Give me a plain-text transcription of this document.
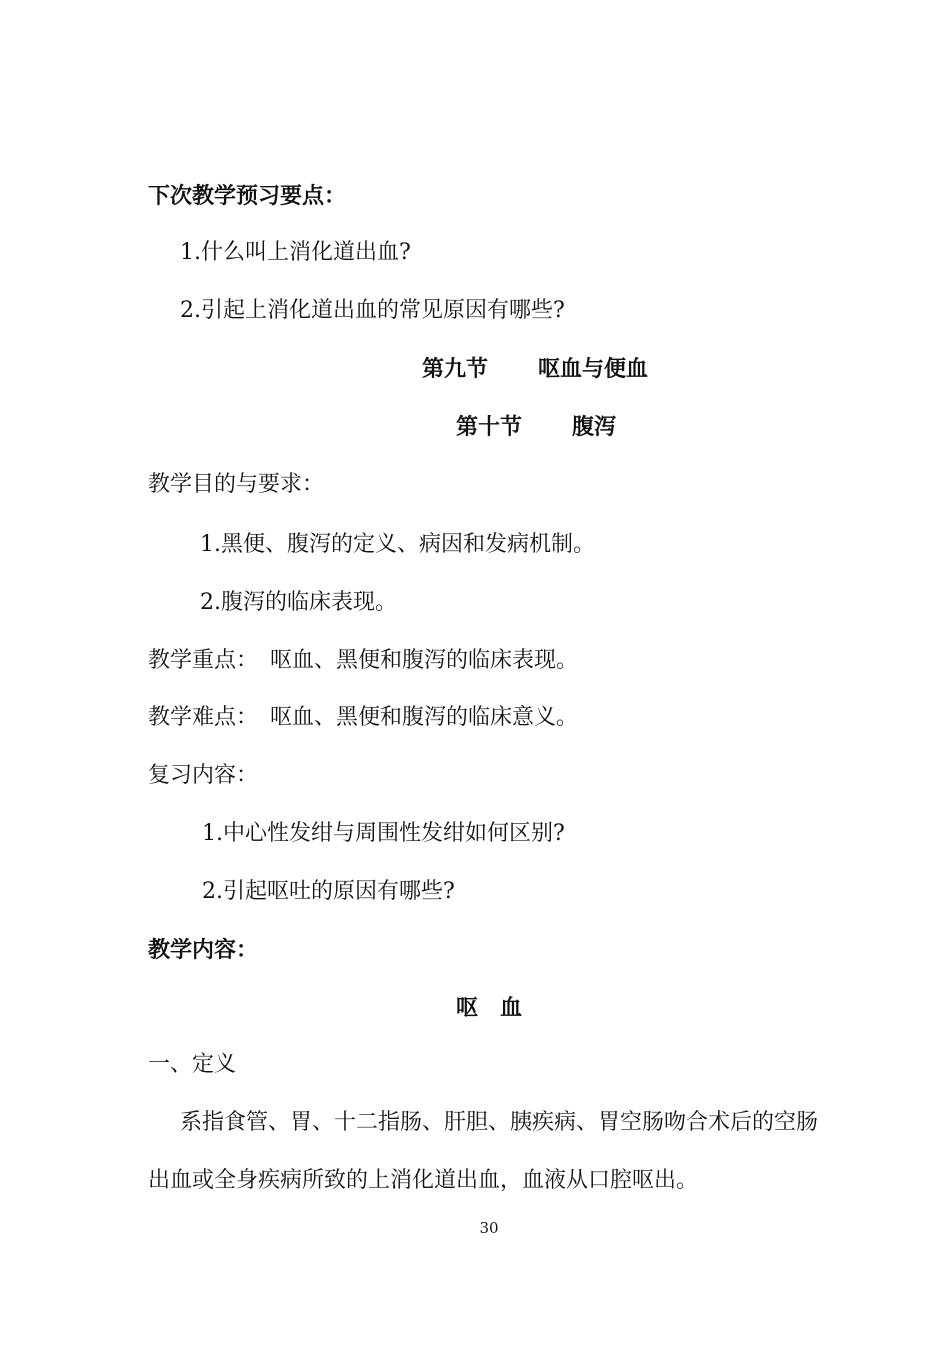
下次教学预习要点：
1.什么叫上消化道出血?
2.引起上消化道出血的常见原因有哪些?
第九节 呕血与便血
第十节 腹泻
教学目的与要求：
1.黑便、腹泻的定义、病因和发病机制。
2.腹泻的临床表现。
教学重点： 呕血、黑便和腹泻的临床表现。
教学难点： 呕血、黑便和腹泻的临床意义。
复习内容：
1.中心性发绀与周围性发绀如何区别?
2.引起呕吐的原因有哪些?
教学内容：
呕　血
一、定义
系指食管、胃、十二指肠、肝胆、胰疾病、胃空肠吻合术后的空肠
出血或全身疾病所致的上消化道出血，血液从口腔呕出。
30
